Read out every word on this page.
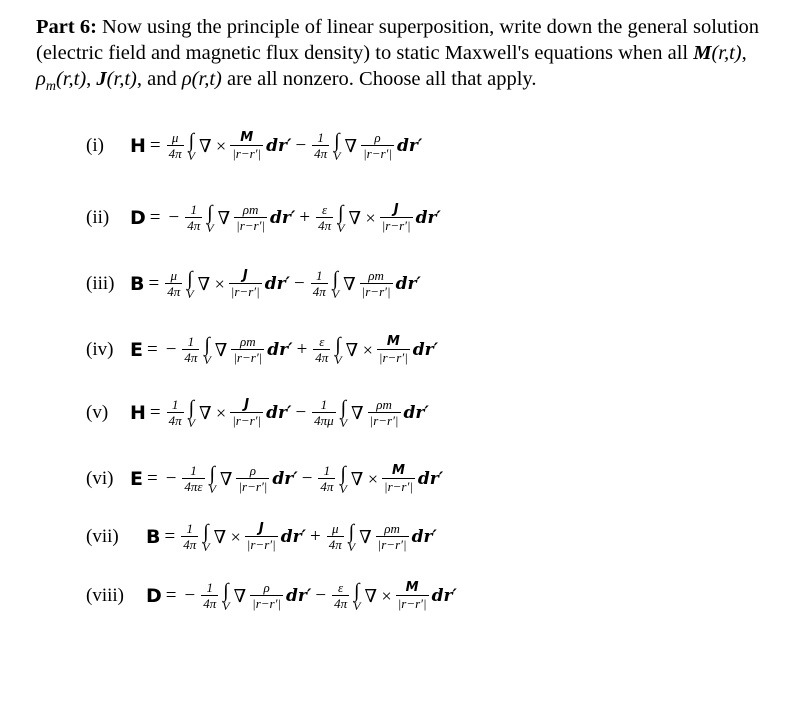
Part 6: Now using the principle of linear superposition, write down the general solution (electric field and magnetic flux density) to static Maxwell's equations when all M(r,t), $\rho_m(r,t)$, J(r,t), and ρ(r,t) are all nonzero. Choose all that apply.
(i)	$H = \frac{\mu}{4\pi}$ ∫
V
∇ × $\frac{M}{|r-r'|} dr' - \frac{1}{4\pi}$ ∫
V
∇ $\frac{\rho}{|r-r'|} dr'$
(ii)	D = − $\frac{1}{4\pi}$ ∫
V
∇ $\frac{\rho m}{|r-r'|} dr' + \frac{\varepsilon}{4\pi}$ ∫
V
∇ × $\frac{J}{|r-r'|} dr'$
(iii) $B = \frac{\mu}{4\pi}$ ∫
V
∇ × $\frac{J}{|r-r'|} dr' - \frac{1}{4\pi}$ ∫
V
∇ $\frac{\rho m}{|r-r'|} dr'$
(iv) E = − $\frac{1}{4\pi}$ ∫
V
∇ $\frac{\rho m}{|r-r'|} dr' + \frac{\varepsilon}{4\pi}$ ∫
V
∇ × $\frac{M}{|r-r'|} dr'$
(v)	$H = \frac{1}{4\pi}$ ∫
V
∇ × $\frac{J}{|r-r'|} dr' - \frac{1}{4\pi\mu}$ ∫
V
∇ $\frac{\rho m}{|r-r'|} dr'$
(vi) E = − $\frac{1}{4\pi\varepsilon}$ ∫
V
∇ $\frac{\rho}{|r-r'|} dr' - \frac{1}{4\pi}$ ∫
V
∇ × $\frac{M}{|r-r'|} dr'$
(vii)	$B = \frac{1}{4\pi}$ ∫
V
∇ × $\frac{J}{|r-r'|} dr' + \frac{\mu}{4\pi}$ ∫
V
∇ $\frac{\rho m}{|r-r'|} dr'$
(viii)	D = − $\frac{1}{4\pi}$ ∫
V
∇ $\frac{\rho}{|r-r'|} dr' - \frac{\varepsilon}{4\pi}$ ∫
V
∇ × $\frac{M}{|r-r'|} dr'$
